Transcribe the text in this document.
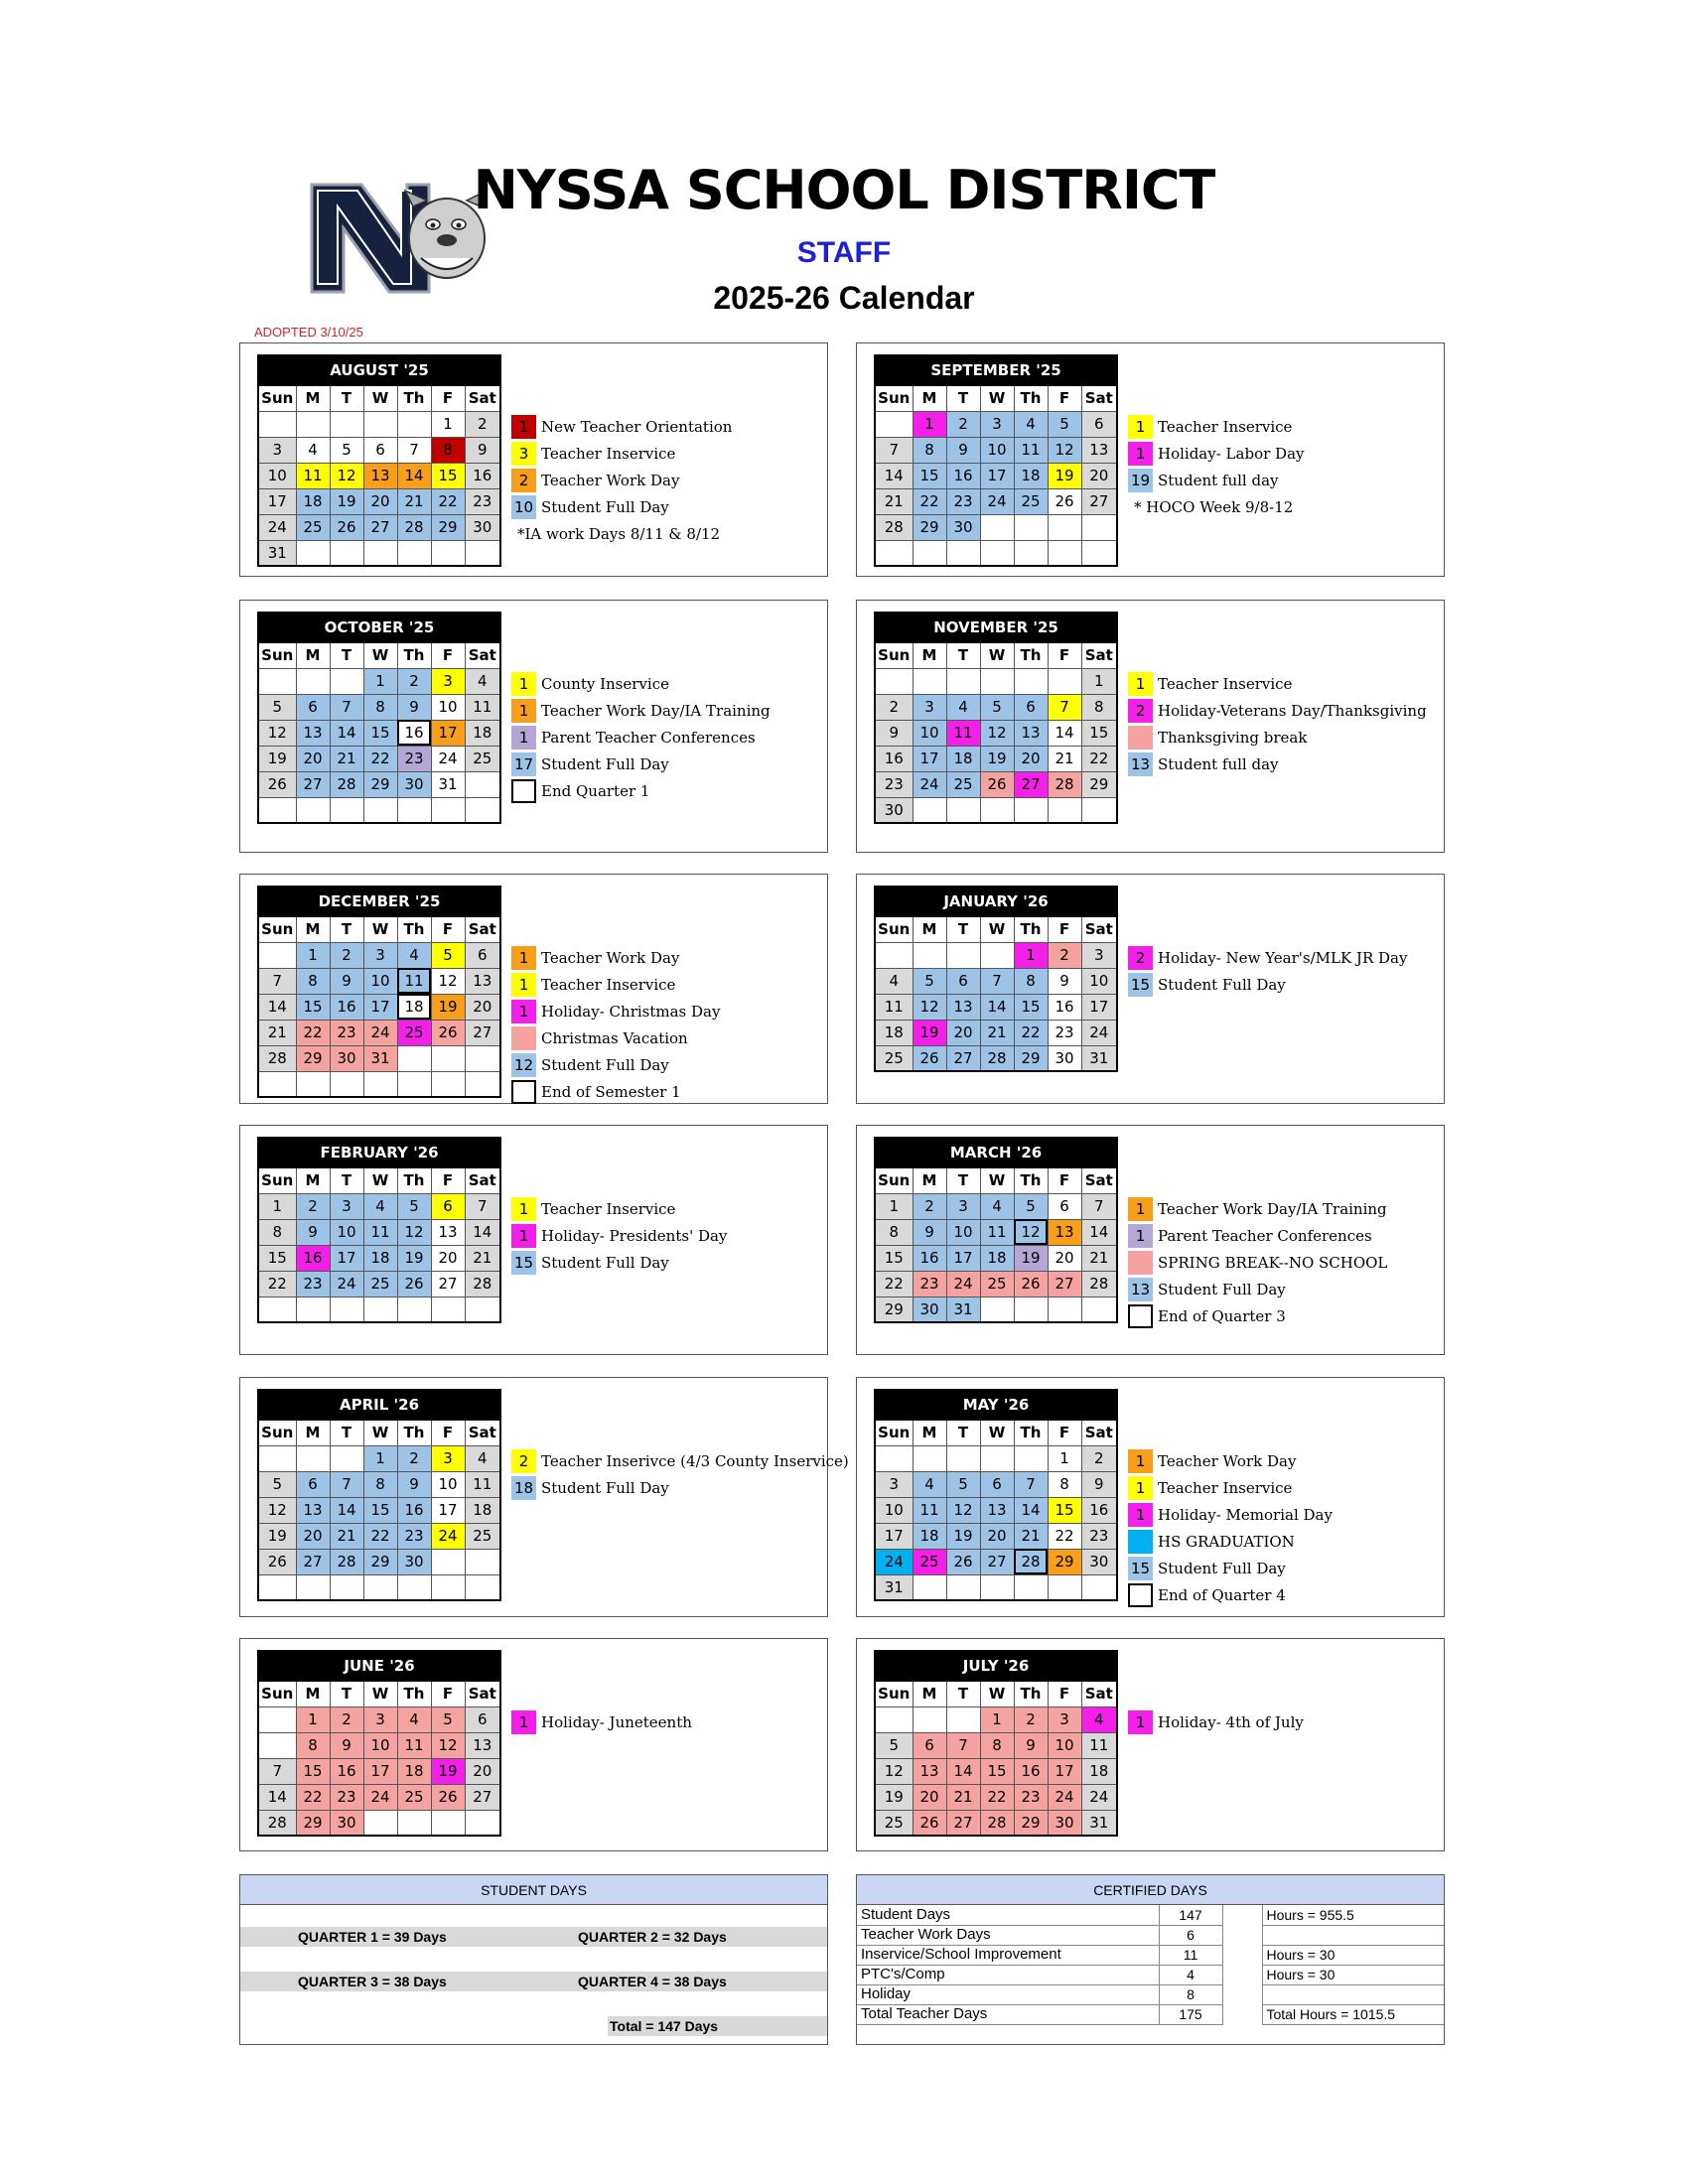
N	NYSSA SCHOOL DISTRICT
STAFF
2025-26 Calendar
ADOPTED 3/10/25
AUGUST '25						
Sun	M	T	W	Th	F	Sat
					1	2
3	4	5	6	7	8	9
10	11	12	13	14	15	16
17	18	19	20	21	22	23
24	25	26	27	28	29	30
31						
1 New Teacher Orientation
3 Teacher Inservice
2 Teacher Work Day
10 Student Full Day
*IA work Days 8/11 & 8/12
SEPTEMBER '25						
Sun	M	T	W	Th	F	Sat
	1	2	3	4	5	6
7	8	9	10	11	12	13
14	15	16	17	18	19	20
21	22	23	24	25	26	27
28	29	30				

1 Teacher Inservice
1 Holiday- Labor Day
19 Student full day
* HOCO Week 9/8-12
OCTOBER '25						
Sun	M	T	W	Th	F	Sat
			1	2	3	4
5	6	7	8	9	10	11
12	13	14	15	16	17	18
19	20	21	22	23	24	25
26	27	28	29	30	31	

1 County Inservice
1 Teacher Work Day/IA Training
1 Parent Teacher Conferences
17 Student Full Day
End Quarter 1
NOVEMBER '25						
Sun	M	T	W	Th	F	Sat
						1
2	3	4	5	6	7	8
9	10	11	12	13	14	15
16	17	18	19	20	21	22
23	24	25	26	27	28	29
30						
1 Teacher Inservice
2 Holiday-Veterans Day/Thanksgiving
Thanksgiving break
13 Student full day
DECEMBER '25						
Sun	M	T	W	Th	F	Sat
	1	2	3	4	5	6
7	8	9	10	11	12	13
14	15	16	17	18	19	20
21	22	23	24	25	26	27
28	29	30	31			

1 Teacher Work Day
1 Teacher Inservice
1 Holiday- Christmas Day
Christmas Vacation
12 Student Full Day
End of Semester 1
JANUARY '26						
Sun	M	T	W	Th	F	Sat
				1	2	3
4	5	6	7	8	9	10
11	12	13	14	15	16	17
18	19	20	21	22	23	24
25	26	27	28	29	30	31
2 Holiday- New Year's/MLK JR Day
15 Student Full Day
FEBRUARY '26						
Sun	M	T	W	Th	F	Sat
1	2	3	4	5	6	7
8	9	10	11	12	13	14
15	16	17	18	19	20	21
22	23	24	25	26	27	28

1 Teacher Inservice
1 Holiday- Presidents' Day
15 Student Full Day
MARCH '26						
Sun	M	T	W	Th	F	Sat
1	2	3	4	5	6	7
8	9	10	11	12	13	14
15	16	17	18	19	20	21
22	23	24	25	26	27	28
29	30	31				
1 Teacher Work Day/IA Training
1 Parent Teacher Conferences
SPRING BREAK--NO SCHOOL
13 Student Full Day
End of Quarter 3
APRIL '26						
Sun	M	T	W	Th	F	Sat
			1	2	3	4
5	6	7	8	9	10	11
12	13	14	15	16	17	18
19	20	21	22	23	24	25
26	27	28	29	30		

2 Teacher Inserivce (4/3 County Inservice)
18 Student Full Day
MAY '26						
Sun	M	T	W	Th	F	Sat
					1	2
3	4	5	6	7	8	9
10	11	12	13	14	15	16
17	18	19	20	21	22	23
24	25	26	27	28	29	30
31						
1 Teacher Work Day
1 Teacher Inservice
1 Holiday- Memorial Day
HS GRADUATION
15 Student Full Day
End of Quarter 4
JUNE '26						
Sun	M	T	W	Th	F	Sat
	1	2	3	4	5	6
	8	9	10	11	12	13
7	15	16	17	18	19	20
14	22	23	24	25	26	27
28	29	30				
1 Holiday- Juneteenth
JULY '26						
Sun	M	T	W	Th	F	Sat
			1	2	3	4
5	6	7	8	9	10	11
12	13	14	15	16	17	18
19	20	21	22	23	24	24
25	26	27	28	29	30	31
1 Holiday- 4th of July
STUDENT DAYS
QUARTER 1 = 39 Days	QUARTER 2 = 32 Days
QUARTER 3 = 38 Days	QUARTER 4 = 38 Days
Total = 147 Days
CERTIFIED DAYS
Student Days	147		Hours = 955.5
Teacher Work Days	6		
Inservice/School Improvement	11		Hours = 30
PTC's/Comp	4		Hours = 30
Holiday	8		
Total Teacher Days	175		Total Hours = 1015.5
